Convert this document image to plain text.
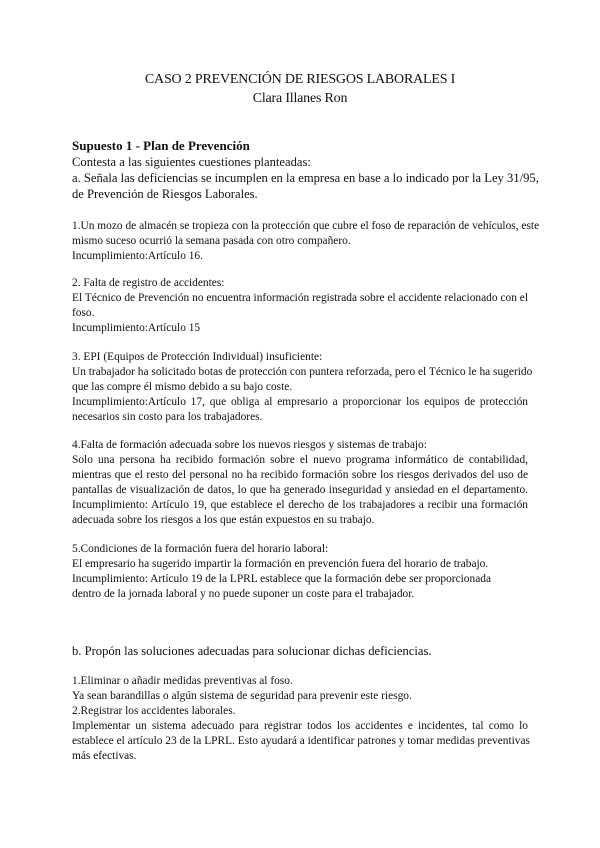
CASO 2 PREVENCIÓN DE RIESGOS LABORALES I
Clara Illanes Ron
Supuesto 1 - Plan de Prevención
Contesta a las siguientes cuestiones planteadas:
a. Señala las deficiencias se incumplen en la empresa en base a lo indicado por la Ley 31/95,
de Prevención de Riesgos Laborales.
1.Un mozo de almacén se tropieza con la protección que cubre el foso de reparación de vehículos, este
mismo suceso ocurrió la semana pasada con otro compañero.
Incumplimiento:Artículo 16.
2. Falta de registro de accidentes:
El Técnico de Prevención no encuentra información registrada sobre el accidente relacionado con el
foso.
Incumplimiento:Artículo 15
3. EPI (Equipos de Protección Individual) insuficiente:
Un trabajador ha solicitado botas de protección con puntera reforzada, pero el Técnico le ha sugerido
que las compre él mismo debido a su bajo coste.
Incumplimiento:Artículo 17, que obliga al empresario a proporcionar los equipos de protección
necesarios sin costo para los trabajadores.
4.Falta de formación adecuada sobre los nuevos riesgos y sistemas de trabajo:
Solo una persona ha recibido formación sobre el nuevo programa informático de contabilidad,
mientras que el resto del personal no ha recibido formación sobre los riesgos derivados del uso de
pantallas de visualización de datos, lo que ha generado inseguridad y ansiedad en el departamento.
Incumplimiento: Artículo 19, que establece el derecho de los trabajadores a recibir una formación
adecuada sobre los riesgos a los que están expuestos en su trabajo.
5.Condiciones de la formación fuera del horario laboral:
El empresario ha sugerido impartir la formación en prevención fuera del horario de trabajo.
Incumplimiento: Artículo 19 de la LPRL establece que la formación debe ser proporcionada
dentro de la jornada laboral y no puede suponer un coste para el trabajador.
b. Propón las soluciones adecuadas para solucionar dichas deficiencias.
1.Eliminar o añadir medidas preventivas al foso.
Ya sean barandillas o algún sistema de seguridad para prevenir este riesgo.
2.Registrar los accidentes laborales.
Implementar un sistema adecuado para registrar todos los accidentes e incidentes, tal como lo
establece el artículo 23 de la LPRL. Esto ayudará a identificar patrones y tomar medidas preventivas
más efectivas.
